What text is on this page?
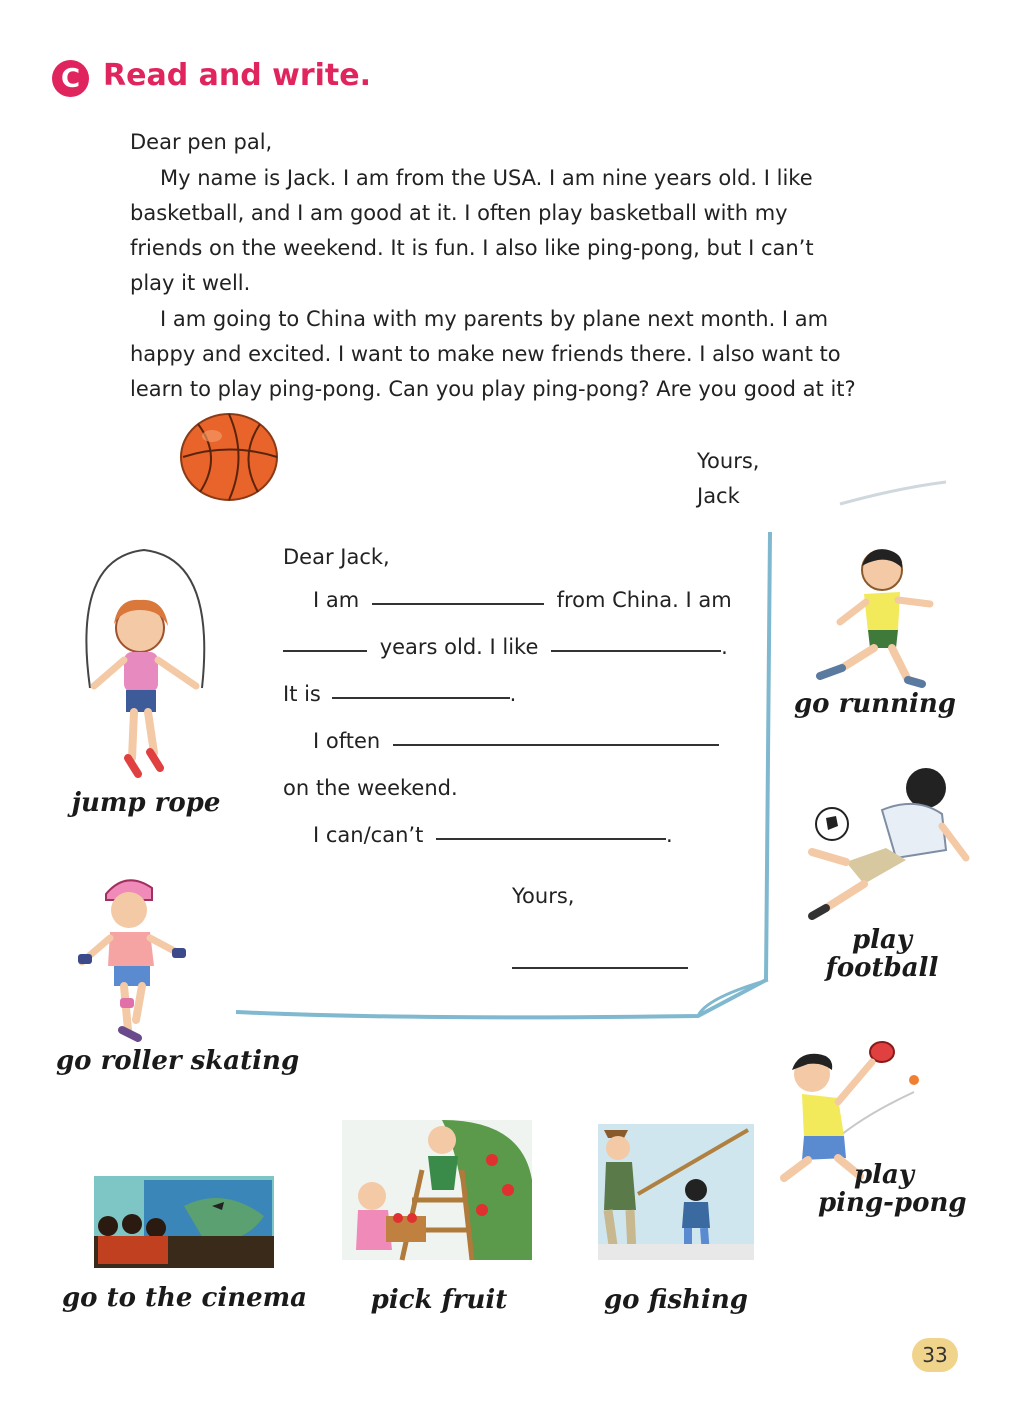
C Read and write.
Dear pen pal,
My name is Jack. I am from the USA. I am nine years old. I like
basketball, and I am good at it. I often play basketball with my
friends on the weekend. It is fun. I also like ping-pong, but I can’t
play it well.
I am going to China with my parents by plane next month. I am
happy and excited. I want to make new friends there. I also want to
learn to play ping-pong. Can you play ping-pong? Are you good at it?
Yours,
Jack
Dear Jack,
I am	from China. I am
years old. I like	.
It is	.
I often
on the weekend.
I can/can’t	.
Yours,
jump rope
go running
play
football
go roller skating
play
ping-pong
go to the cinema pick fruit	go fishing
33
